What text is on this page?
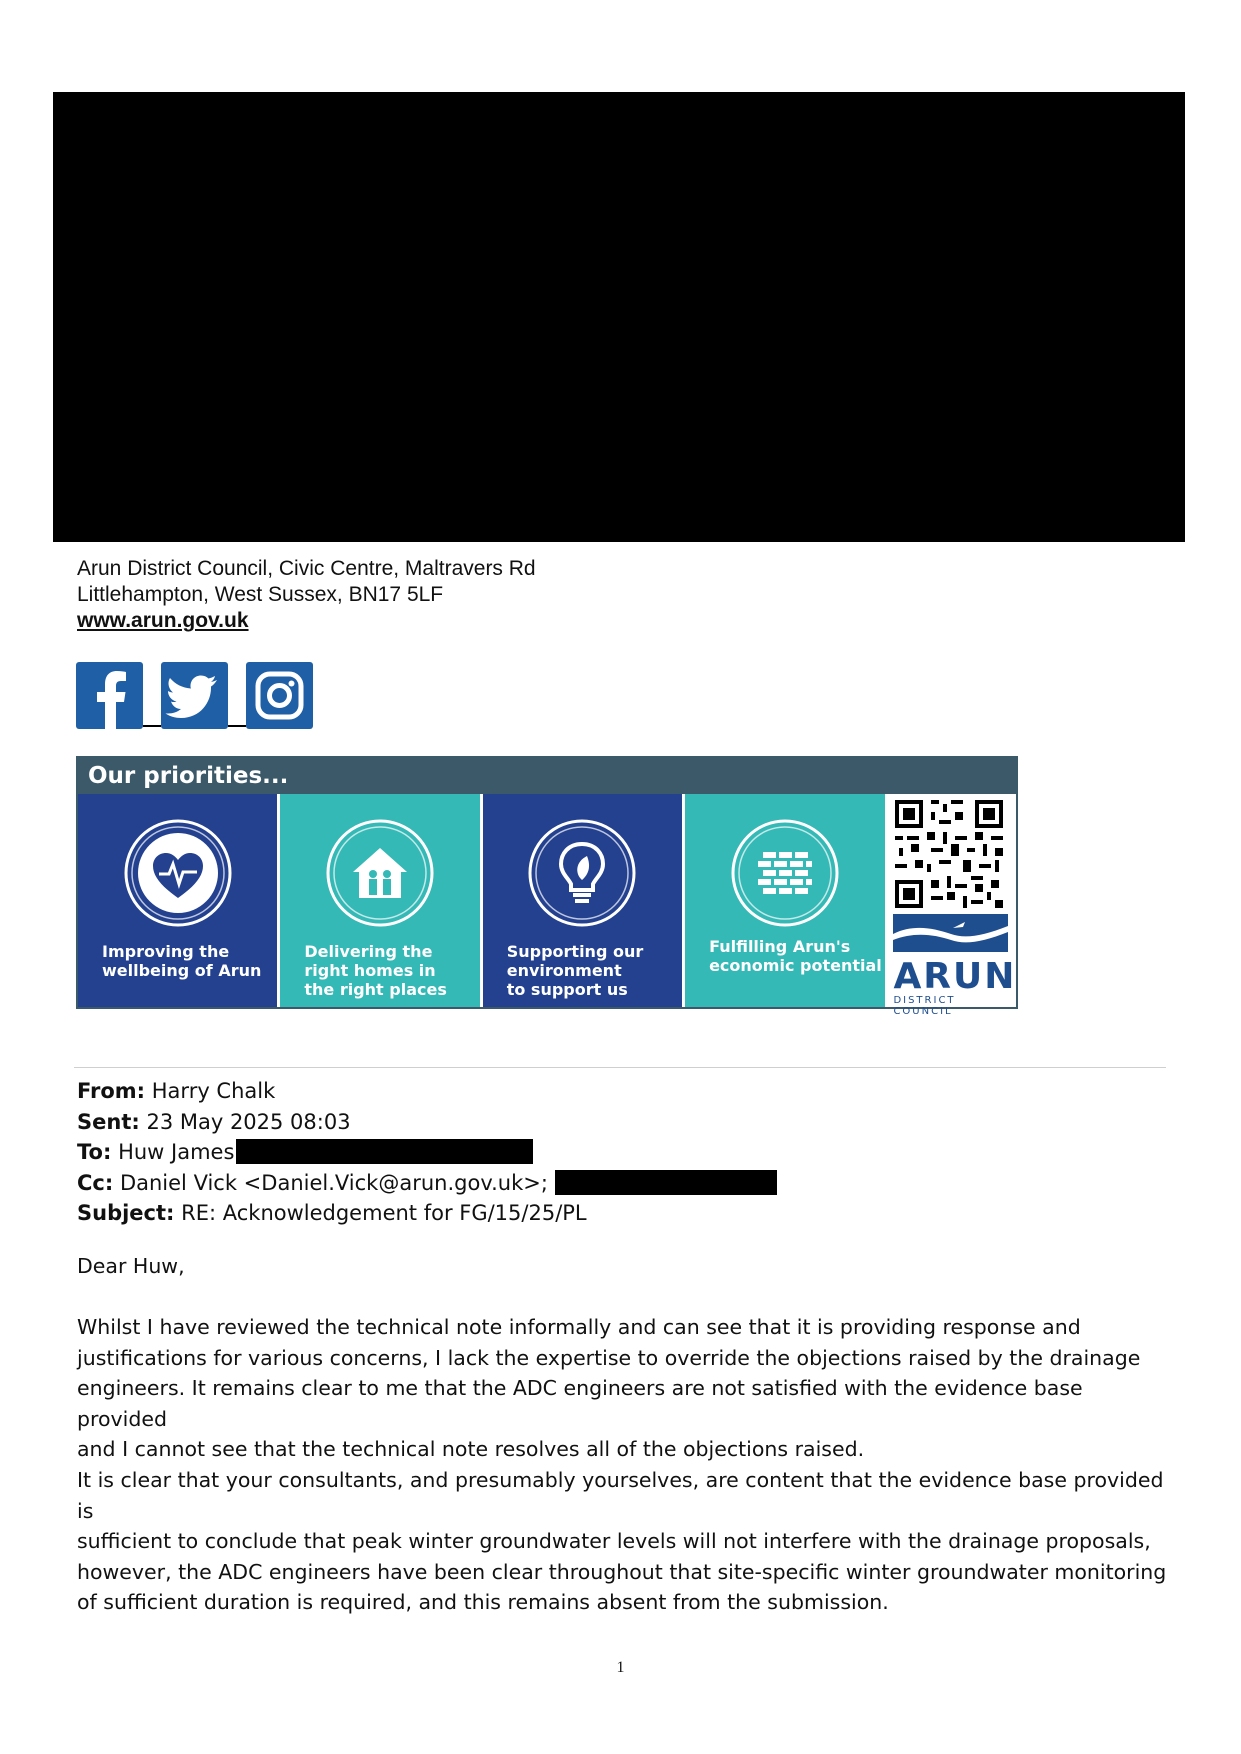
Arun District Council, Civic Centre, Maltravers Rd
Littlehampton, West Sussex, BN17 5LF
www.arun.gov.uk
Our priorities...
Improving the
wellbeing of Arun
Delivering the
right homes in
the right places
Supporting our
environment
to support us
Fulfilling Arun's
economic potential ARUN
DISTRICT COUNCIL
From: Harry Chalk
Sent: 23 May 2025 08:03
To: Huw James
Cc: Daniel Vick <Daniel.Vick@arun.gov.uk>;
Subject: RE: Acknowledgement for FG/15/25/PL

Dear Huw,

Whilst I have reviewed the technical note informally and can see that it is providing response and
justifications for various concerns, I lack the expertise to override the objections raised by the drainage
engineers. It remains clear to me that the ADC engineers are not satisfied with the evidence base provided
and I cannot see that the technical note resolves all of the objections raised.
It is clear that your consultants, and presumably yourselves, are content that the evidence base provided is
sufficient to conclude that peak winter groundwater levels will not interfere with the drainage proposals,
however, the ADC engineers have been clear throughout that site-specific winter groundwater monitoring
of sufficient duration is required, and this remains absent from the submission.
1
